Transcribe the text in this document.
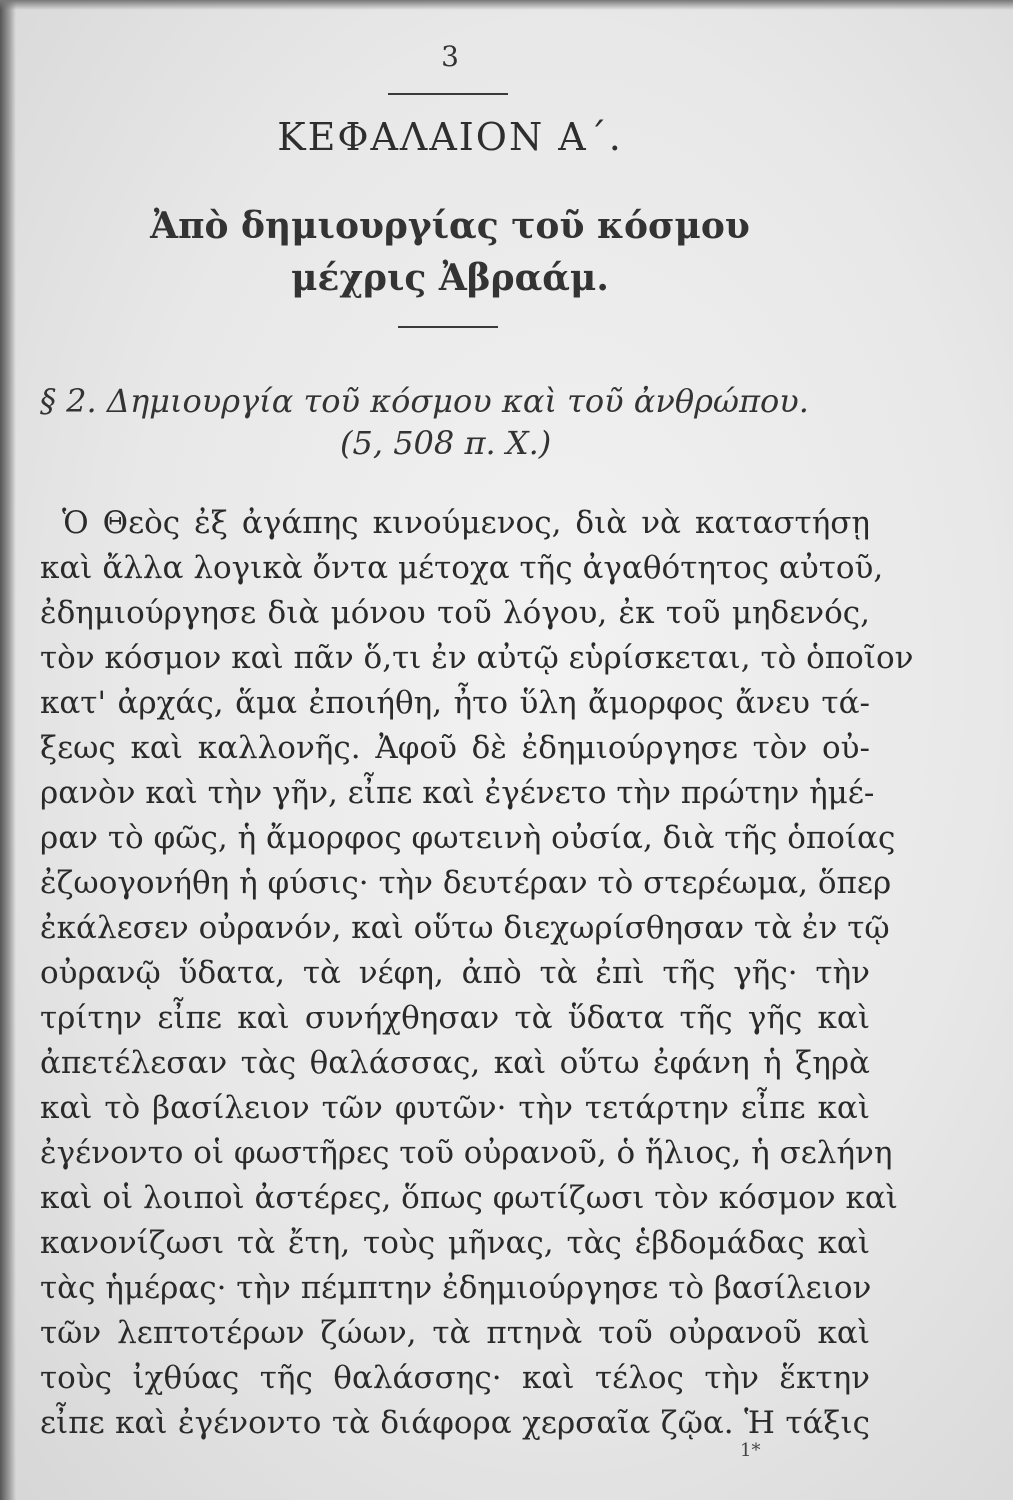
3
ΚΕΦΑΛΑΙΟΝ Α΄.
Ἀπὸ δημιουργίας τοῦ κόσμου
μέχρις Ἀβραάμ.
§ 2. Δημιουργία τοῦ κόσμου καὶ τοῦ ἀνθρώπου.
(5, 508 π. Χ.)
Ὁ Θεὸς ἐξ ἀγάπης κινούμενος, διὰ νὰ καταστήσῃ
καὶ ἄλλα λογικὰ ὄντα μέτοχα τῆς ἀγαθότητος αὐτοῦ,
ἐδημιούργησε διὰ μόνου τοῦ λόγου, ἐκ τοῦ μηδενός,
τὸν κόσμον καὶ πᾶν ὅ,τι ἐν αὐτῷ εὑρίσκεται, τὸ ὁποῖον
κατ' ἀρχάς, ἅμα ἐποιήθη, ἦτο ὕλη ἄμορφος ἄνευ τά-
ξεως καὶ καλλονῆς. Ἀφοῦ δὲ ἐδημιούργησε τὸν οὐ-
ρανὸν καὶ τὴν γῆν, εἶπε καὶ ἐγένετο τὴν πρώτην ἡμέ-
ραν τὸ φῶς, ἡ ἄμορφος φωτεινὴ οὐσία, διὰ τῆς ὁποίας
ἐζωογονήθη ἡ φύσις· τὴν δευτέραν τὸ στερέωμα, ὅπερ
ἐκάλεσεν οὐρανόν, καὶ οὕτω διεχωρίσθησαν τὰ ἐν τῷ
οὐρανῷ ὕδατα, τὰ νέφη, ἀπὸ τὰ ἐπὶ τῆς γῆς· τὴν
τρίτην εἶπε καὶ συνήχθησαν τὰ ὕδατα τῆς γῆς καὶ
ἀπετέλεσαν τὰς θαλάσσας, καὶ οὕτω ἐφάνη ἡ ξηρὰ
καὶ τὸ βασίλειον τῶν φυτῶν· τὴν τετάρτην εἶπε καὶ
ἐγένοντο οἱ φωστῆρες τοῦ οὐρανοῦ, ὁ ἥλιος, ἡ σελήνη
καὶ οἱ λοιποὶ ἀστέρες, ὅπως φωτίζωσι τὸν κόσμον καὶ
κανονίζωσι τὰ ἔτη, τοὺς μῆνας, τὰς ἑβδομάδας καὶ
τὰς ἡμέρας· τὴν πέμπτην ἐδημιούργησε τὸ βασίλειον
τῶν λεπτοτέρων ζώων, τὰ πτηνὰ τοῦ οὐρανοῦ καὶ
τοὺς ἰχθύας τῆς θαλάσσης· καὶ τέλος τὴν ἕκτην
εἶπε καὶ ἐγένοντο τὰ διάφορα χερσαῖα ζῷα. Ἡ τάξις
1*
